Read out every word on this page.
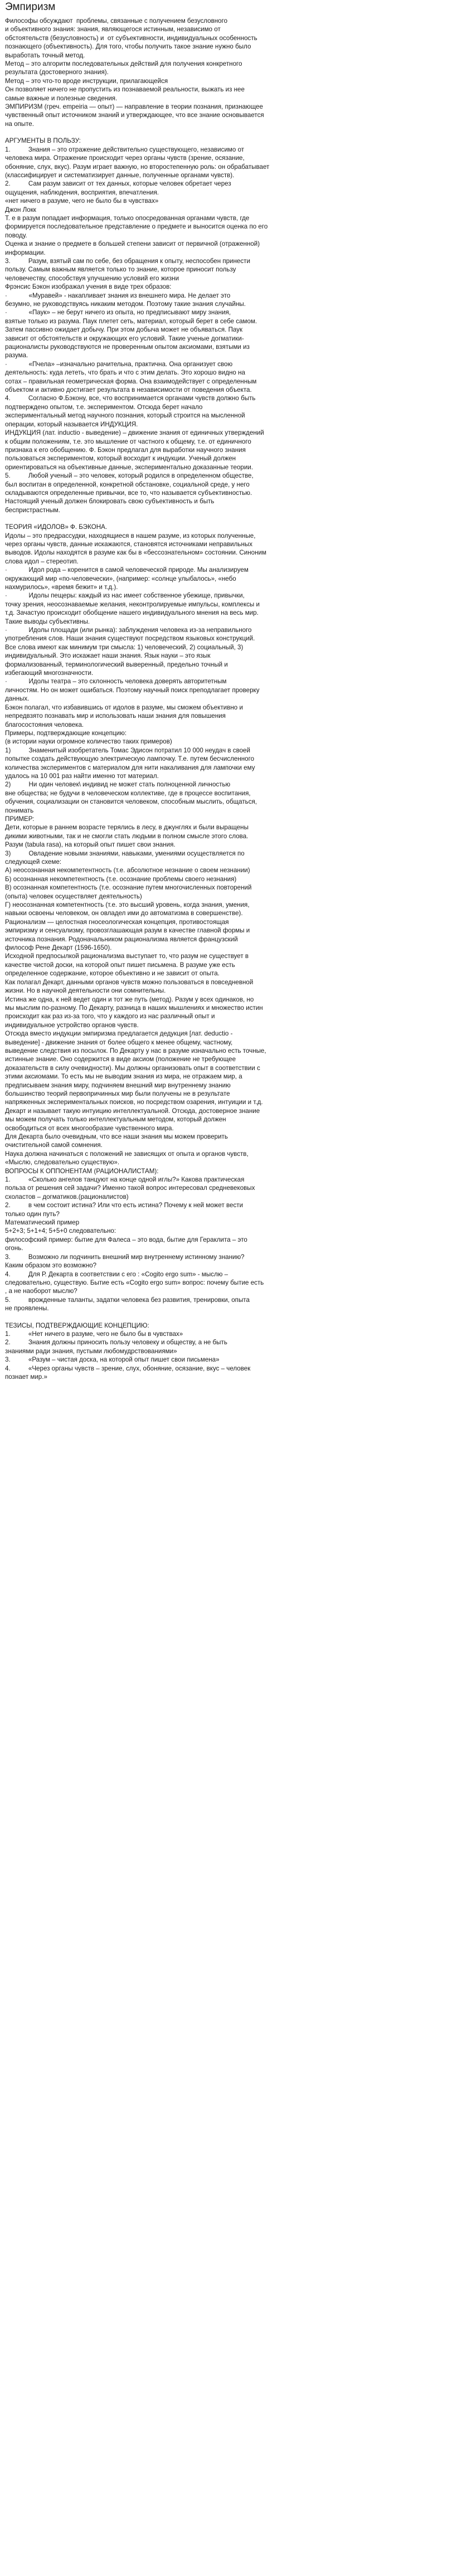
Эмпиризм
Философы обсуждают  проблемы, связанные с получением безусловного
и объективного знания: знания, являющегося истинным, независимо от
обстоятельств (безусловность) и  от субъективности, индивидуальных особенность
познающего (объективность). Для того, чтобы получить такое знание нужно было
выработать точный метод.
Метод – это алгоритм последовательных действий для получения конкретного
результата (достоверного знания).
Метод – это что-то вроде инструкции, прилагающейся
Он позволяет ничего не пропустить из познаваемой реальности, выжать из нее
самые важные и полезные сведения.
ЭМПИРИЗМ (греч. empeiria — опыт) — направление в теории познания, признающее
чувственный опыт источником знаний и утверждающее, что все знание основывается
на опыте.
АРГУМЕНТЫ В ПОЛЬЗУ:
1.          Знания – это отражение действительно существующего, независимо от
человека мира. Отражение происходит через органы чувств (зрение, осязание,
обоняние, слух, вкус). Разум играет важную, но второстепенную роль: он обрабатывает
(классифицирует и систематизирует данные, полученные органами чувств).
2.          Сам разум зависит от тех данных, которые человек обретает через
ощущения, наблюдения, восприятия, впечатления.
«нет ничего в разуме, чего не было бы в чувствах»
Джон Локк
Т. е в разум попадает информация, только опосредованная органами чувств, где
формируется последовательное представление о предмете и выносится оценка по его
поводу.
Оценка и знание о предмете в большей степени зависит от первичной (отраженной)
информации.
3.          Разум, взятый сам по себе, без обращения к опыту, неспособен принести
пользу. Самым важным является только то знание, которое приносит пользу
человечеству, способствуя улучшению условий его жизни
Фрэнсис Бэкон изображал учения в виде трех образов:
·            «Муравей» - накапливает знания из внешнего мира. Не делает это
безумно, не руководствуясь никаким методом. Поэтому такие знания случайны.
·            «Паук» – не берут ничего из опыта, но предписывают миру знания,
взятые только из разума. Паук плетет сеть, материал, который берет в себе самом.
Затем пассивно ожидает добычу. При этом добыча может не объяваться. Паук
зависит от обстоятельств и окружающих его условий. Такие ученые догматики-
рационалисты руководствуются не проверенным опытом аксиомами, взятыми из
разума.
·            «Пчела» –изначально рачительна, практична. Она организует свою
деятельность: куда лететь, что брать и что с этим делать. Это хорошо видно на
сотах – правильная геометрическая форма. Она взаимодействует с определенным
объектом и активно достигает результата в независимости от поведения объекта.
4.          Согласно Ф.Бэкону, все, что воспринимается органами чувств должно быть
подтверждено опытом, т.е. экспериментом. Отсюда берет начало
экспериментальный метод научного познания, который строится на мысленной
операции, который называется ИНДУКЦИЯ.
ИНДУКЦИЯ (лат. inductio - выведение) – движение знания от единичных утверждений
к общим положениям, т.е. это мышление от частного к общему, т.е. от единичного
признака к его обобщению. Ф. Бэкон предлагал для выработки научного знания
пользоваться экспериментом, который восходит к индукции. Ученый должен
ориентироваться на объективные данные, экспериментально доказанные теории.
5.          Любой ученый – это человек, который родился в определенном обществе,
был воспитан в определенной, конкретной обстановке, социальной среде, у него
складываются определенные привычки, все то, что называется субъективностью.
Настоящий ученый должен блокировать свою субъективность и быть
беспристрастным.
ТЕОРИЯ «ИДОЛОВ» Ф. БЭКОНА.
Идолы – это предрассудки, находящиеся в нашем разуме, из которых полученные,
через органы чувств, данные искажаются, становятся источниками неправильных
выводов. Идолы находятся в разуме как бы в «бессознательном» состоянии. Синоним
слова идол – стереотип.
·            Идол рода – коренится в самой человеческой природе. Мы анализируем
окружающий мир «по-человечески», (например: «солнце улыбалось», «небо
нахмурилось», «время бежит» и т.д.).
·            Идолы пещеры: каждый из нас имеет собственное убежище, привычки,
точку зрения, неосознаваемые желания, неконтролируемые импульсы, комплексы и
т.д. Зачастую происходит обобщение нашего индивидуального мнения на весь мир.
Такие выводы субъективны.
·            Идолы площади (или рынка): заблуждения человека из-за неправильного
употребления слов. Наши знания существуют посредством языковых конструкций.
Все слова имеют как минимум три смысла: 1) человеческий, 2) социальный, 3)
индивидуальный. Это искажает наши знания. Язык науки – это язык
формализованный, терминологический выверенный, предельно точный и
избегающий многозначности.
·            Идолы театра – это склонность человека доверять авторитетным
личностям. Но он может ошибаться. Поэтому научный поиск преподлагает проверку
данных.
Бэкон полагал, что избавившись от идолов в разуме, мы сможем объективно и
непредвзято познавать мир и использовать наши знания для повышения
благосостояния человека.
Примеры, подтверждающие концепцию:
(в истории науки огромное количество таких примеров)
1)          Знаменитый изобретатель Томас Эдисон потратил 10 000 неудач в своей
попытке создать действующую электрическую лампочку. Т.е. путем бесчисленного
количества экспериментов с материалом для нити накаливания для лампочки ему
удалось на 10 001 раз найти именно тот материал.
2)          Ни один человек\ индивид не может стать полноценной личностью
вне общества; не будучи в человеческом коллективе, где в процессе воспитания,
обучения, социализации он становится человеком, способным мыслить, общаться,
понимать
ПРИМЕР:
Дети, которые в раннем возрасте терялись в лесу, в джунглях и были выращены
дикими животными, так и не смогли стать людьми в полном смысле этого слова.
Разум (tabula rasa), на который опыт пишет свои знания.
3)          Овладение новыми знаниями, навыками, умениями осуществляется по
следующей схеме:
А) неосознанная некомпетентность (т.е. абсолютное незнание о своем незнании)
Б) осознанная некомпетентность (т.е. осознание проблемы своего незнания)
В) осознанная компетентность (т.е. осознание путем многочисленных повторений
(опыта) человек осуществляет деятельность)
Г) неосознанная компетентность (т.е. это высший уровень, когда знания, умения,
навыки освоены человеком, он овладел ими до автоматизма в совершенстве).
Рационализм — целостная гносеологическая концепция, противостоящая
эмпиризму и сенсуализму, провозглашающая разум в качестве главной формы и
источника познания. Родоначальником рационализма является французский
философ Рене Декарт (1596-1650).
Исходной предпосылкой рационализма выступает то, что разум не существует в
качестве чистой доски, на которой опыт пишет письмена. В разуме уже есть
определенное содержание, которое объективно и не зависит от опыта.
Как полагал Декарт, данными органов чувств можно пользоваться в повседневной
жизни. Но в научной деятельности они сомнительны.
Истина же одна, к ней ведет один и тот же путь (метод). Разум у всех одинаков, но
мы мыслим по-разному. По Декарту, разница в наших мышлениях и множество истин
происходит как раз из-за того, что у каждого из нас различный опыт и
индивидуальное устройство органов чувств.
Отсюда вместо индукции эмпиризма предлагается дедукция [лат. deductio -
выведение] - движение знания от более общего к менее общему, частному,
выведение следствия из посылок. По Декарту у нас в разуме изначально есть точные,
истинные знание. Оно содержится в виде аксиом (положение не требующее
доказательств в силу очевидности). Мы должны организовать опыт в соответствии с
этими аксиомами. То есть мы не выводим знания из мира, не отражаем мир, а
предписываем знания миру, подчиняем внешний мир внутреннему знанию
большинство теорий первопричинных мир были получены не в результате
напряженных экспериментальных поисков, но посредством озарения, интуиции и т.д.
Декарт и называет такую интуицию интеллектуальной. Отсюда, достоверное знание
мы можем получать только интеллектуальным методом, который должен
освободиться от всех многообразие чувственного мира.
Для Декарта было очевидным, что все наши знания мы можем проверить
очистительной самой сомнения.
Наука должна начинаться с положений не зависящих от опыта и органов чувств,
«Мыслю, следовательно существую».
ВОПРОСЫ К ОППОНЕНТАМ (РАЦИОНАЛИСТАМ):
1.          «Сколько ангелов танцуют на конце одной иглы?» Какова практическая
польза от решения сей задачи? Именно такой вопрос интересовал средневековых
схоластов – догматиков.(рационалистов)
2.          в чем состоит истина? Или что есть истина? Почему к ней может вести
только один путь?
Математический пример
5+2+3; 5+1+4; 5+5+0 следовательно:
философский пример: бытие для Фалеса – это вода, бытие для Гераклита – это
огонь.
3.          Возможно ли подчинить внешний мир внутреннему истинному знанию?
Каким образом это возможно?
4.          Для Р. Декарта в соответствии с его : «Cogito ergo sum» - мыслю –
следовательно, существую. Бытие есть «Cogito ergo sum» вопрос: почему бытие есть
, а не наоборот мыслю?
5.          врожденные таланты, задатки человека без развития, тренировки, опыта
не проявлены.
ТЕЗИСЫ, ПОДТВЕРЖДАЮЩИЕ КОНЦЕПЦИЮ:
1.          «Нет ничего в разуме, чего не было бы в чувствах»
2.          Знания должны приносить пользу человеку и обществу, а не быть
знаниями ради знания, пустыми любомудрствованиями»
3.          «Разум – чистая доска, на которой опыт пишет свои письмена»
4.          «Через органы чувств – зрение, слух, обоняние, осязание, вкус – человек
познает мир.»
